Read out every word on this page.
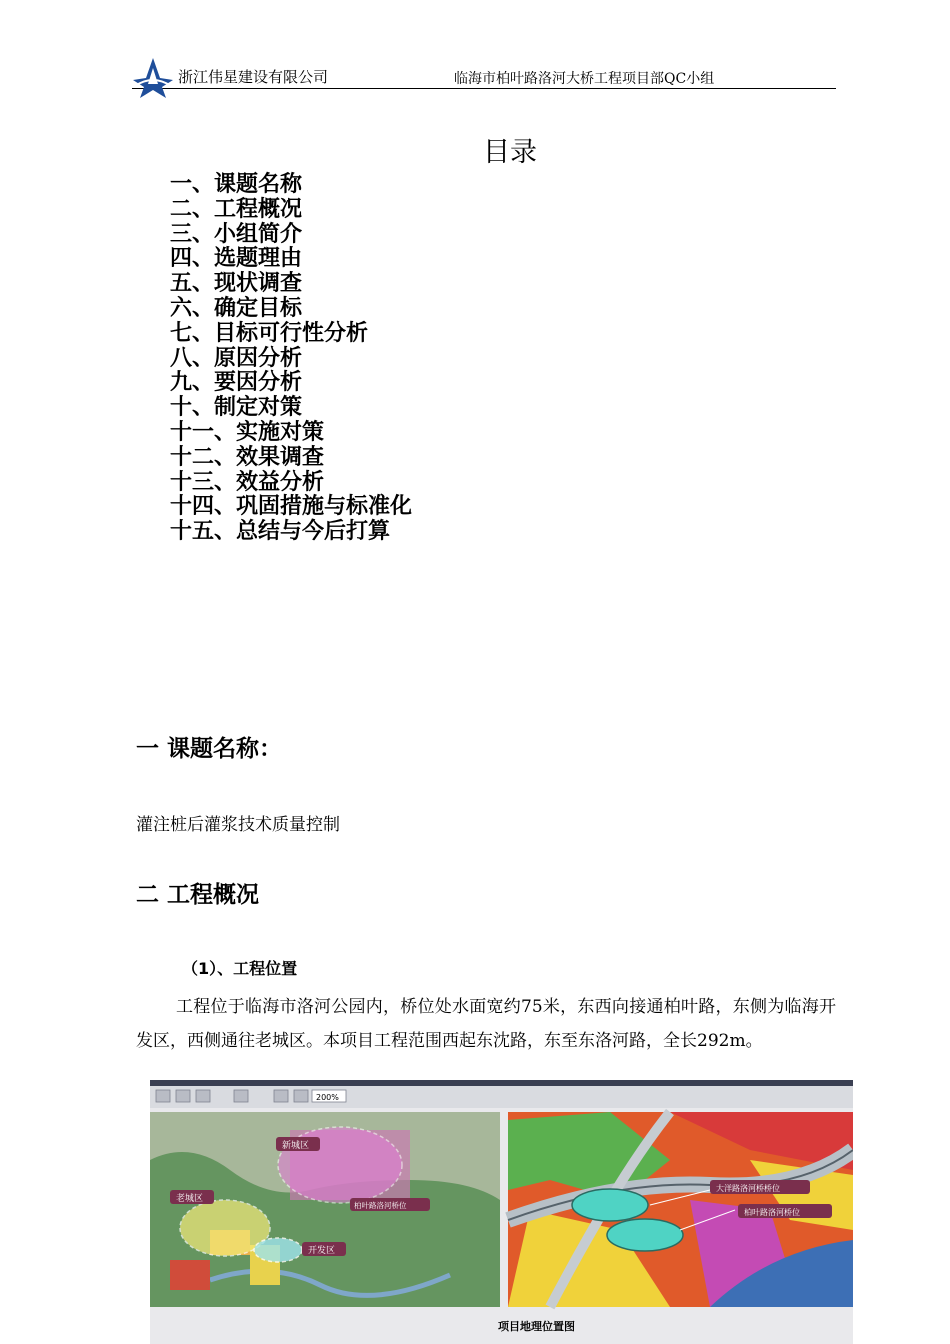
浙江伟星建设有限公司	临海市柏叶路洛河大桥工程项目部QC小组
目录
一、课题名称
二、工程概况
三、小组简介
四、选题理由
五、现状调查
六、确定目标
七、目标可行性分析
八、原因分析
九、要因分析
十、制定对策
十一、实施对策
十二、效果调查
十三、效益分析
十四、巩固措施与标准化
十五、总结与今后打算
一 课题名称：
灌注桩后灌浆技术质量控制
二 工程概况
（1）、工程位置

工程位于临海市洛河公园内，桥位处水面宽约75米，东西向接通柏叶路，东侧为临海开发区，西侧通往老城区。本项目工程范围西起东沈路，东至东洛河路，全长292m。

200%
新城区
老城区
开发区
柏叶路洛河桥位
大洋路洛河桥桥位
柏叶路洛河桥位
项目地理位置图
